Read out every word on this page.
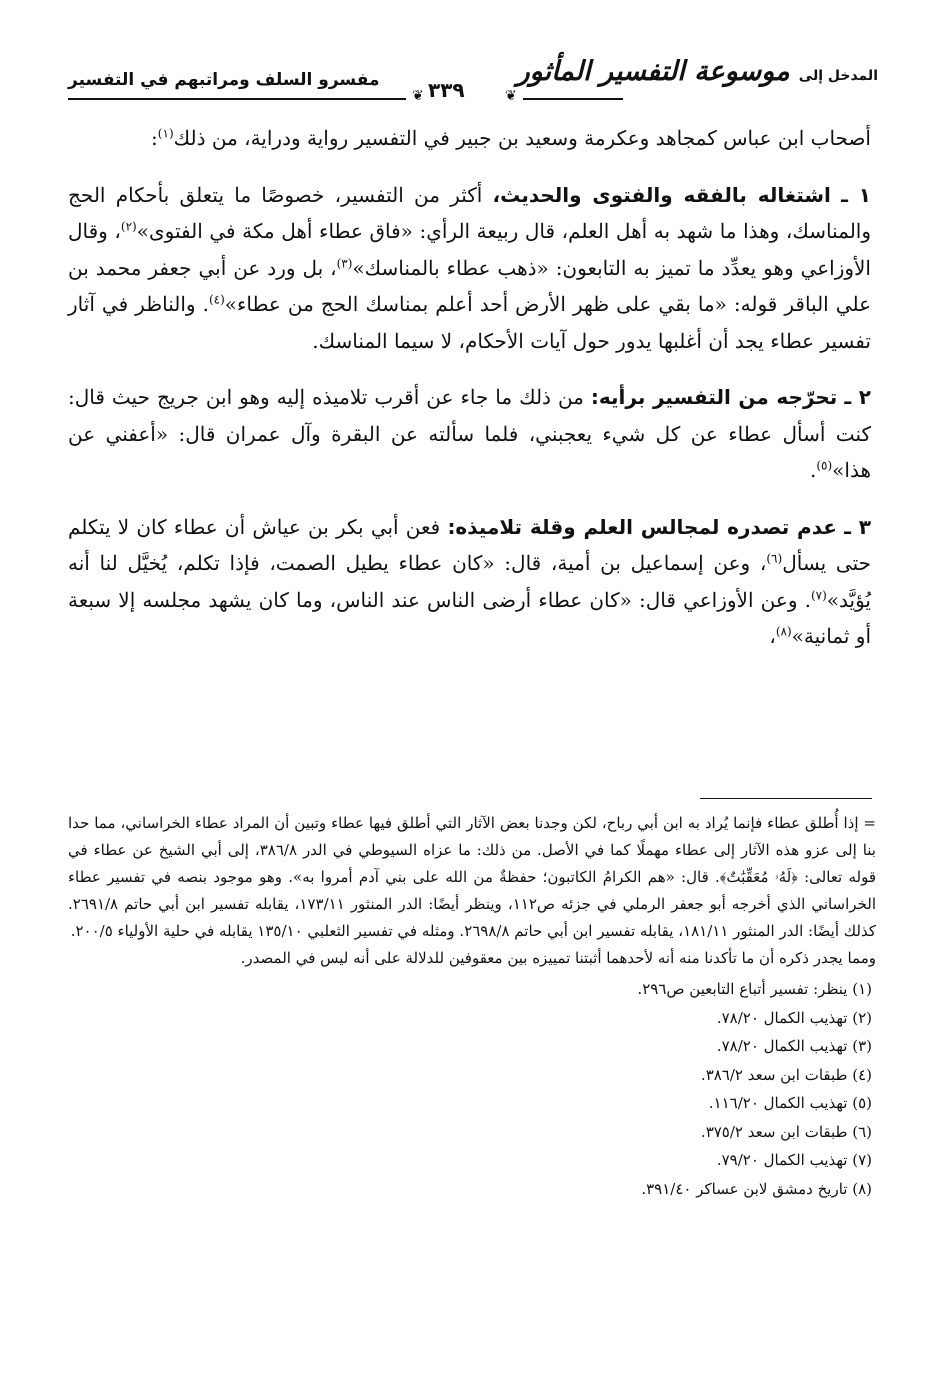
المدخل إلى موسوعة التفسير المأثور
٣٣٩
مفسرو السلف ومراتبهم في التفسير
❦	❦

أصحاب ابن عباس كمجاهد وعكرمة وسعيد بن جبير في التفسير رواية ودراية، من ذلك$^{(١)}$:

١ ـ اشتغاله بالفقه والفتوى والحديث، أكثر من التفسير، خصوصًا ما يتعلق بأحكام الحج والمناسك، وهذا ما شهد به أهل العلم، قال ربيعة الرأي: «فاق عطاء أهل مكة في الفتوى»$^{(٢)}$، وقال الأوزاعي وهو يعدِّد ما تميز به التابعون: «ذهب عطاء بالمناسك»$^{(٣)}$، بل ورد عن أبي جعفر محمد بن علي الباقر قوله: «ما بقي على ظهر الأرض أحد أعلم بمناسك الحج من عطاء»$^{(٤)}$. والناظر في آثار تفسير عطاء يجد أن أغلبها يدور حول آيات الأحكام، لا سيما المناسك.

٢ ـ تحرّجه من التفسير برأيه: من ذلك ما جاء عن أقرب تلاميذه إليه وهو ابن جريج حيث قال: كنت أسأل عطاء عن كل شيء يعجبني، فلما سألته عن البقرة وآل عمران قال: «أعفني عن هذا»$^{(٥)}$.

٣ ـ عدم تصدره لمجالس العلم وقلة تلاميذه: فعن أبي بكر بن عياش أن عطاء كان لا يتكلم حتى يسأل$^{(٦)}$، وعن إسماعيل بن أمية، قال: «كان عطاء يطيل الصمت، فإذا تكلم، يُخيَّل لنا أنه يُؤيَّد»$^{(٧)}$. وعن الأوزاعي قال: «كان عطاء أرضى الناس عند الناس، وما كان يشهد مجلسه إلا سبعة أو ثمانية»$^{(٨)}$،

= إذا أُطلق عطاء فإنما يُراد به ابن أبي رباح، لكن وجدنا بعض الآثار التي أطلق فيها عطاء وتبين أن المراد عطاء الخراساني، مما حدا بنا إلى عزو هذه الآثار إلى عطاء مهملًا كما في الأصل. من ذلك: ما عزاه السيوطي في الدر ٣٨٦/٨، إلى أبي الشيخ عن عطاء في قوله تعالى: ﴿لَهُۥ مُعَقِّبَٰتٌ﴾. قال: «هم الكرامُ الكاتبون؛ حفظةٌ من الله على بني آدم أمروا به». وهو موجود بنصه في تفسير عطاء الخراساني الذي أخرجه أبو جعفر الرملي في جزئه ص١١٢، وينظر أيضًا: الدر المنثور ١٧٣/١١، يقابله تفسير ابن أبي حاتم ٢٦٩١/٨. كذلك أيضًا: الدر المنثور ١٨١/١١، يقابله تفسير ابن أبي حاتم ٢٦٩٨/٨. ومثله في تفسير الثعلبي ١٣٥/١٠ يقابله في حلية الأولياء ٢٠٠/٥.

ومما يجدر ذكره أن ما تأكدنا منه أنه لأحدهما أثبتنا تمييزه بين معقوفين للدلالة على أنه ليس في المصدر.

(١) ينظر: تفسير أتباع التابعين ص٢٩٦.
(٢) تهذيب الكمال ٧٨/٢٠.
(٣) تهذيب الكمال ٧٨/٢٠.
(٤) طبقات ابن سعد ٣٨٦/٢.
(٥) تهذيب الكمال ١١٦/٢٠.
(٦) طبقات ابن سعد ٣٧٥/٢.
(٧) تهذيب الكمال ٧٩/٢٠.
(٨) تاريخ دمشق لابن عساكر ٣٩١/٤٠.
